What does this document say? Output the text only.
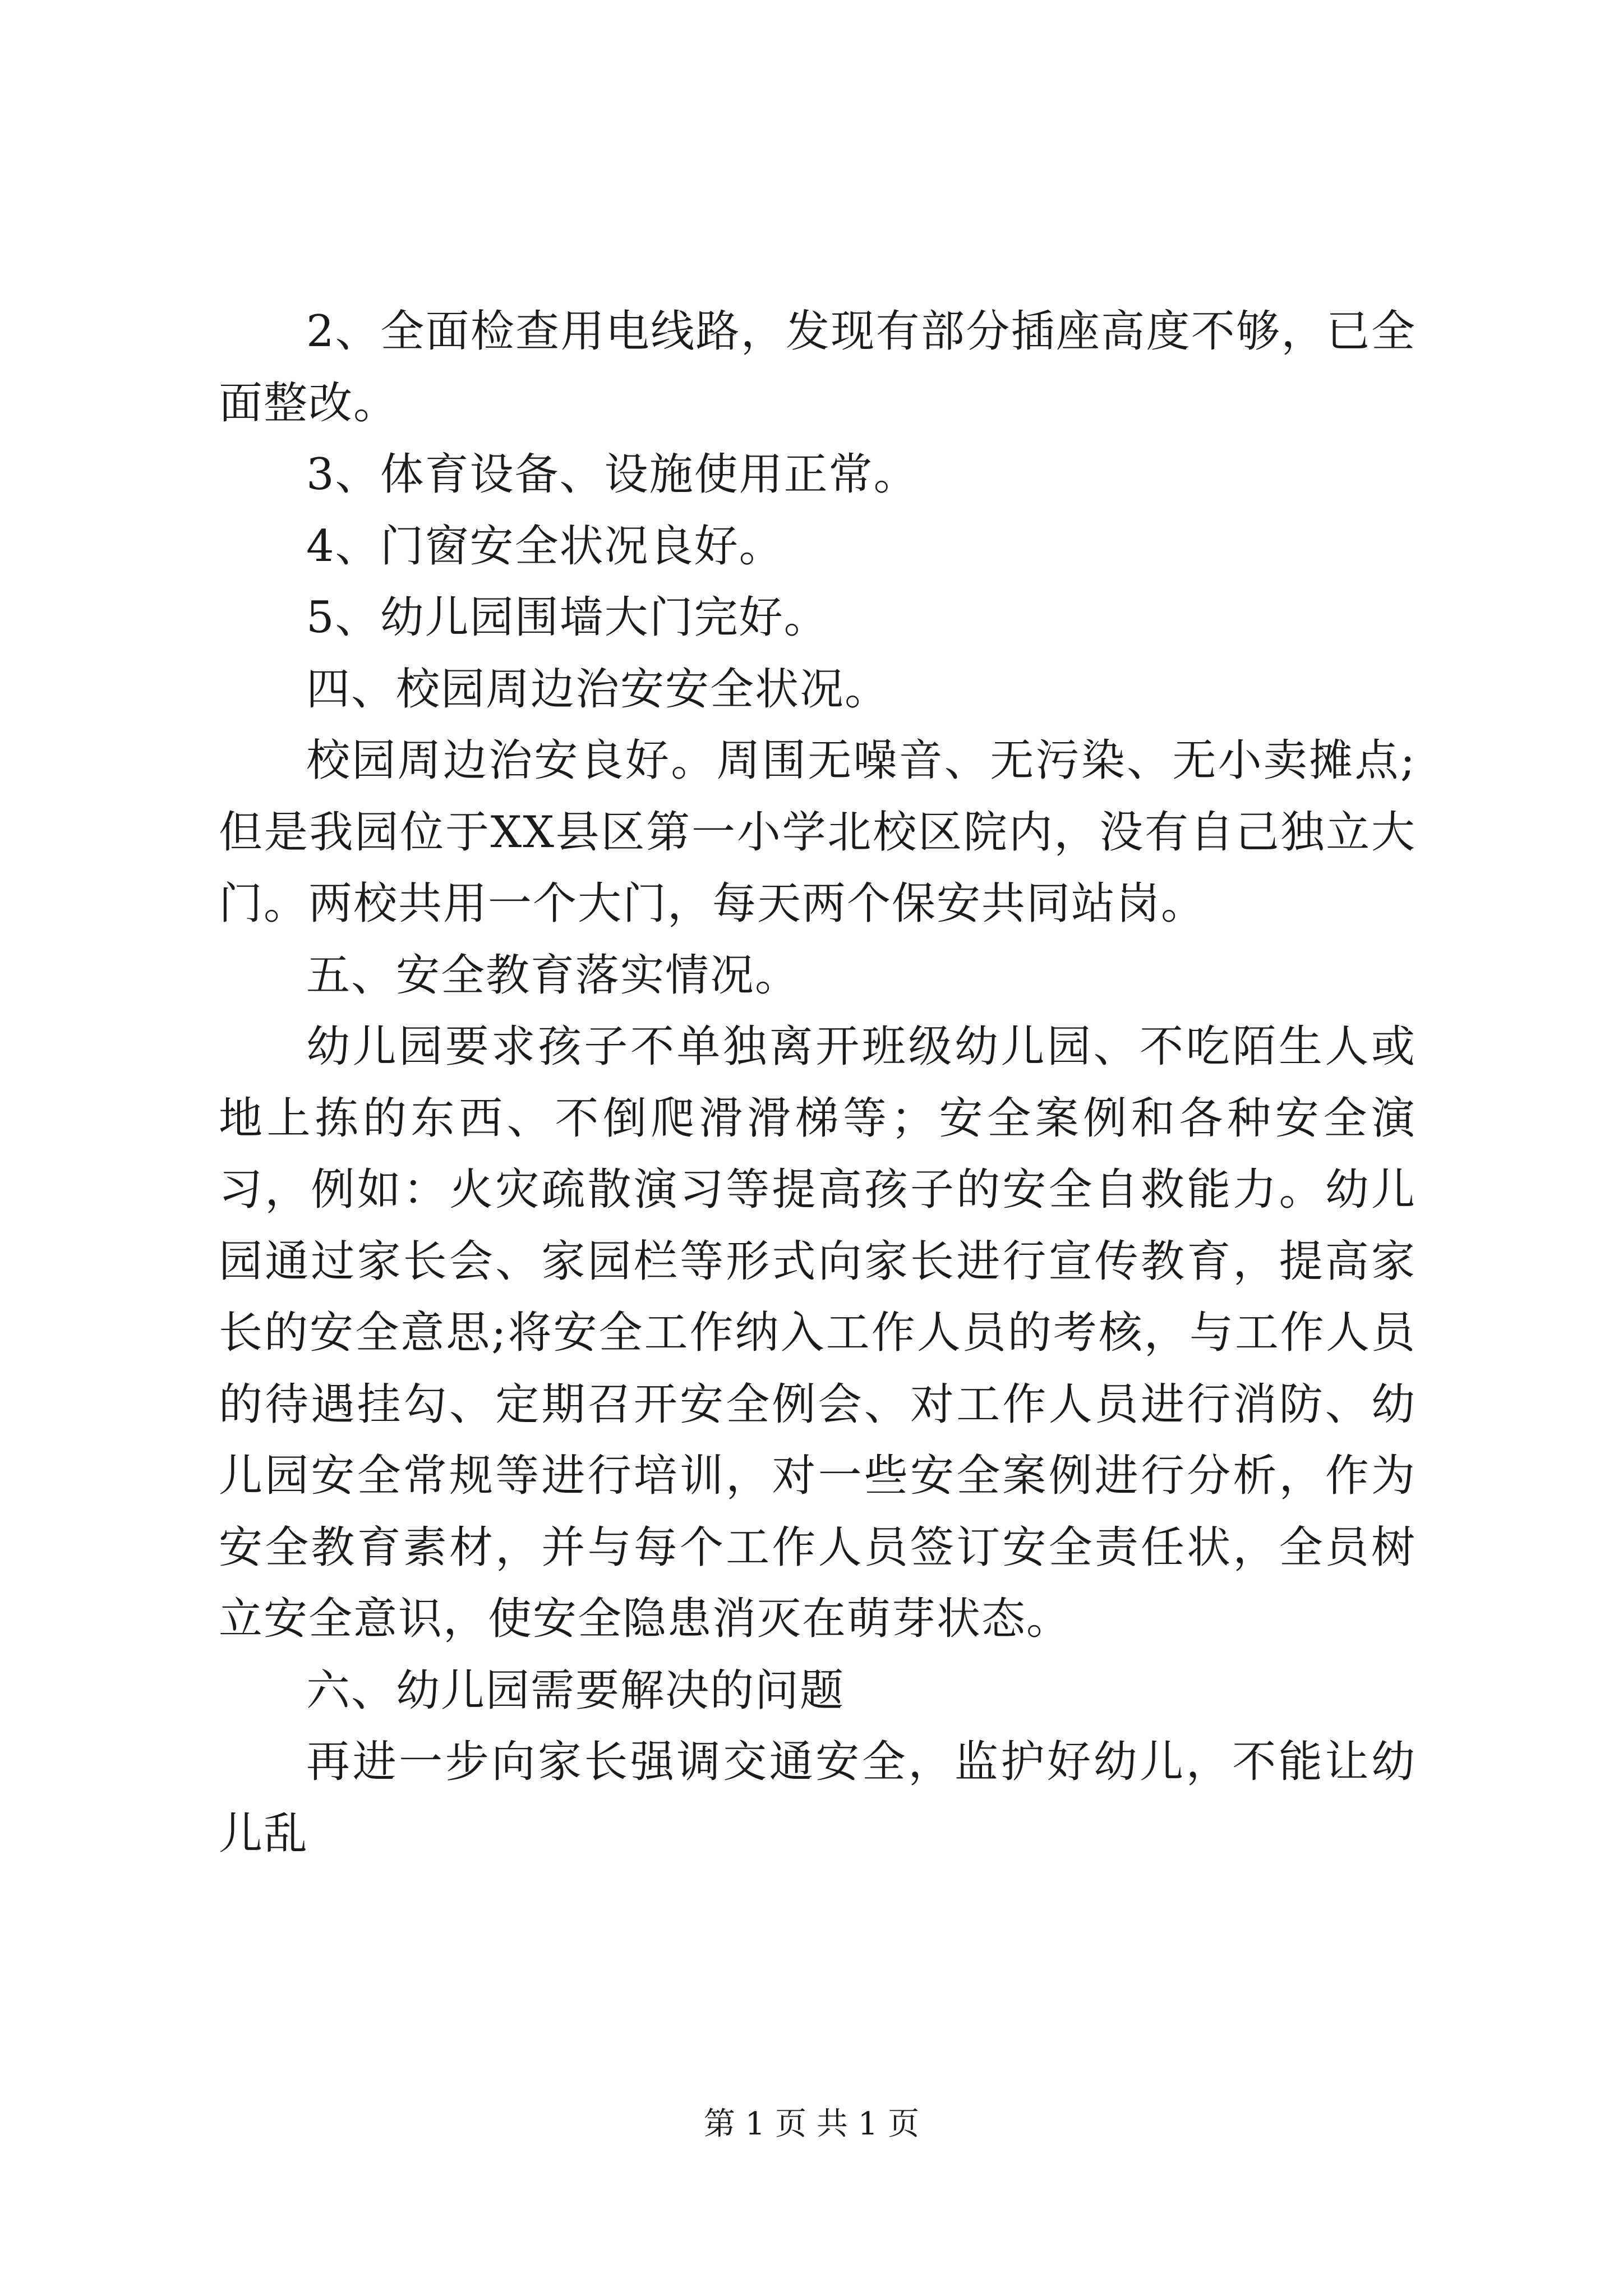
2、全面检查用电线路，发现有部分插座高度不够，已全面整改。

3、体育设备、设施使用正常。

4、门窗安全状况良好。

5、幼儿园围墙大门完好。

四、校园周边治安安全状况。

校园周边治安良好。周围无噪音、无污染、无小卖摊点;但是我园位于XX县区第一小学北校区院内，没有自己独立大门。两校共用一个大门，每天两个保安共同站岗。

五、安全教育落实情况。

幼儿园要求孩子不单独离开班级幼儿园、不吃陌生人或地上拣的东西、不倒爬滑滑梯等；安全案例和各种安全演习，例如：火灾疏散演习等提高孩子的安全自救能力。幼儿园通过家长会、家园栏等形式向家长进行宣传教育，提高家长的安全意思;将安全工作纳入工作人员的考核，与工作人员的待遇挂勾、定期召开安全例会、对工作人员进行消防、幼儿园安全常规等进行培训，对一些安全案例进行分析，作为安全教育素材，并与每个工作人员签订安全责任状，全员树立安全意识，使安全隐患消灭在萌芽状态。

六、幼儿园需要解决的问题

再进一步向家长强调交通安全，监护好幼儿，不能让幼儿乱

第 1 页 共 1 页
